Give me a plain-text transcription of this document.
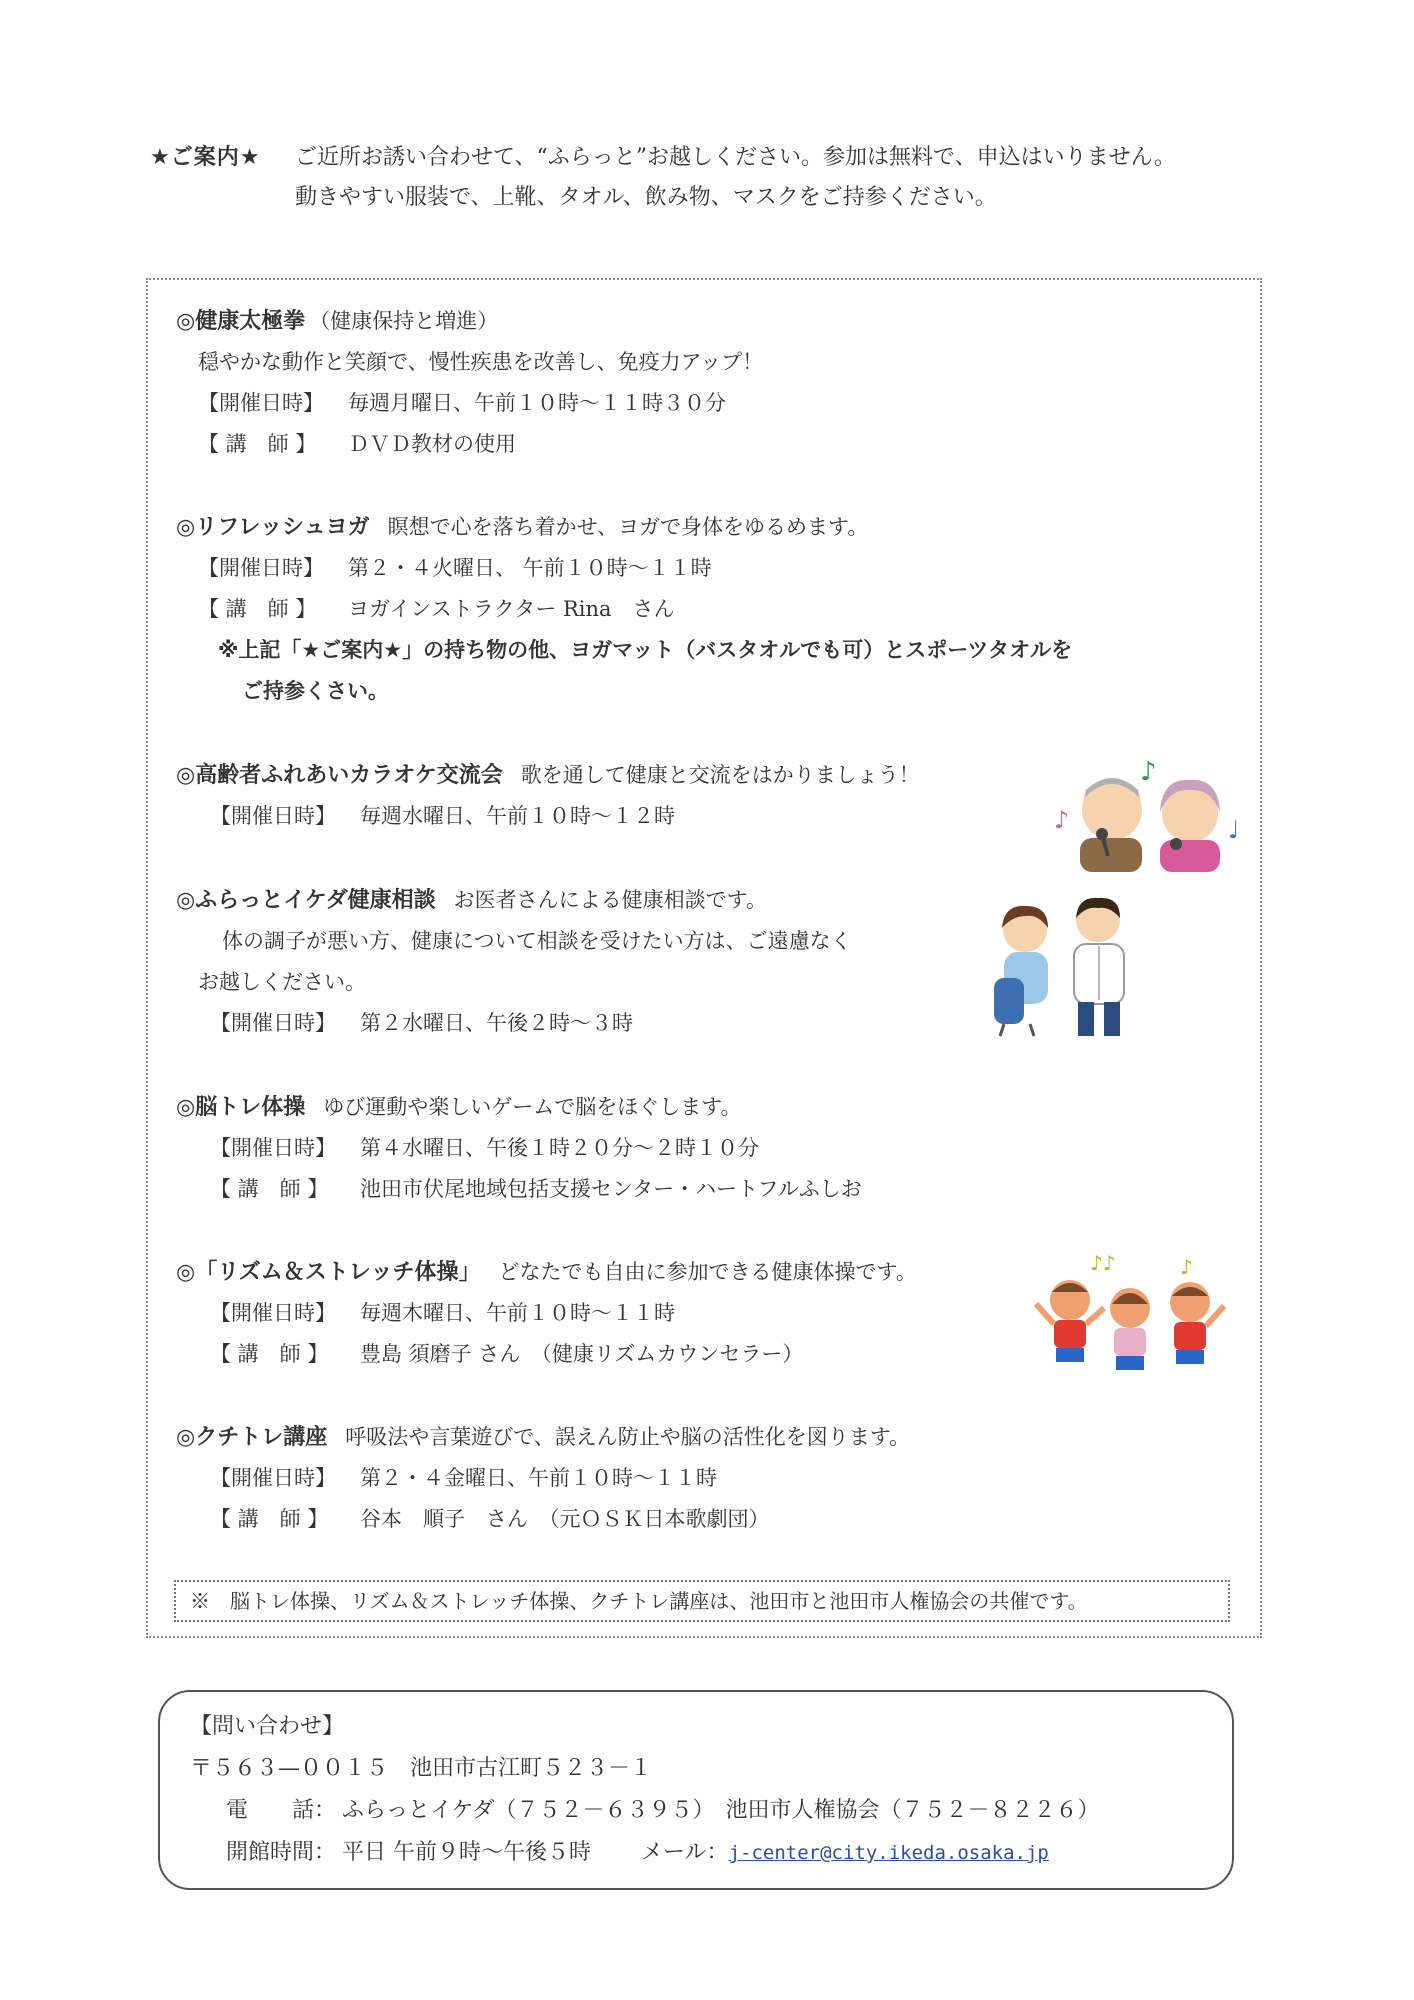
★ご案内★	ご近所お誘い合わせて、“ふらっと”お越しください。参加は無料で、申込はいりません。
動きやすい服装で、上靴、タオル、飲み物、マスクをご持参ください。
◎健康太極拳 （健康保持と増進）
穏やかな動作と笑顔で、慢性疾患を改善し、免疫力アップ！
【開催日時】 毎週月曜日、午前１０時～１１時３０分
【 講　師 】 ＤＶＤ教材の使用
◎リフレッシュヨガ 瞑想で心を落ち着かせ、ヨガで身体をゆるめます。
【開催日時】 第２・４火曜日、 午前１０時～１１時
【 講　師 】 ヨガインストラクター Rina　さん
※上記「★ご案内★」の持ち物の他、ヨガマット（バスタオルでも可）とスポーツタオルを
ご持参くさい。
◎高齢者ふれあいカラオケ交流会 歌を通して健康と交流をはかりましょう！
【開催日時】 毎週水曜日、午前１０時～１２時
◎ふらっとイケダ健康相談 お医者さんによる健康相談です。
体の調子が悪い方、健康について相談を受けたい方は、ご遠慮なく
お越しください。
【開催日時】 第２水曜日、午後２時～３時
◎脳トレ体操 ゆび運動や楽しいゲームで脳をほぐします。
【開催日時】 第４水曜日、午後１時２０分～２時１０分
【 講　師 】 池田市伏尾地域包括支援センター・ハートフルふしお
◎「リズム＆ストレッチ体操」 どなたでも自由に参加できる健康体操です。
【開催日時】 毎週木曜日、午前１０時～１１時
【 講　師 】 豊島 須磨子 さん　（健康リズムカウンセラー）
◎クチトレ講座 呼吸法や言葉遊びで、誤えん防止や脳の活性化を図ります。
【開催日時】 第２・４金曜日、午前１０時～１１時
【 講　師 】 谷本　順子　さん　（元ＯＳＫ日本歌劇団）
※　脳トレ体操、リズム＆ストレッチ体操、クチトレ講座は、池田市と池田市人権協会の共催です。
♪
♪	♩
♪♪	♪
【問い合わせ】
〒５６３—００１５　池田市古江町５２３－１
電　　話： ふらっとイケダ（７５２－６３９５）　池田市人権協会（７５２－８２２６）
開館時間： 平日 午前９時～午後５時 メール：j-center@city.ikeda.osaka.jp
